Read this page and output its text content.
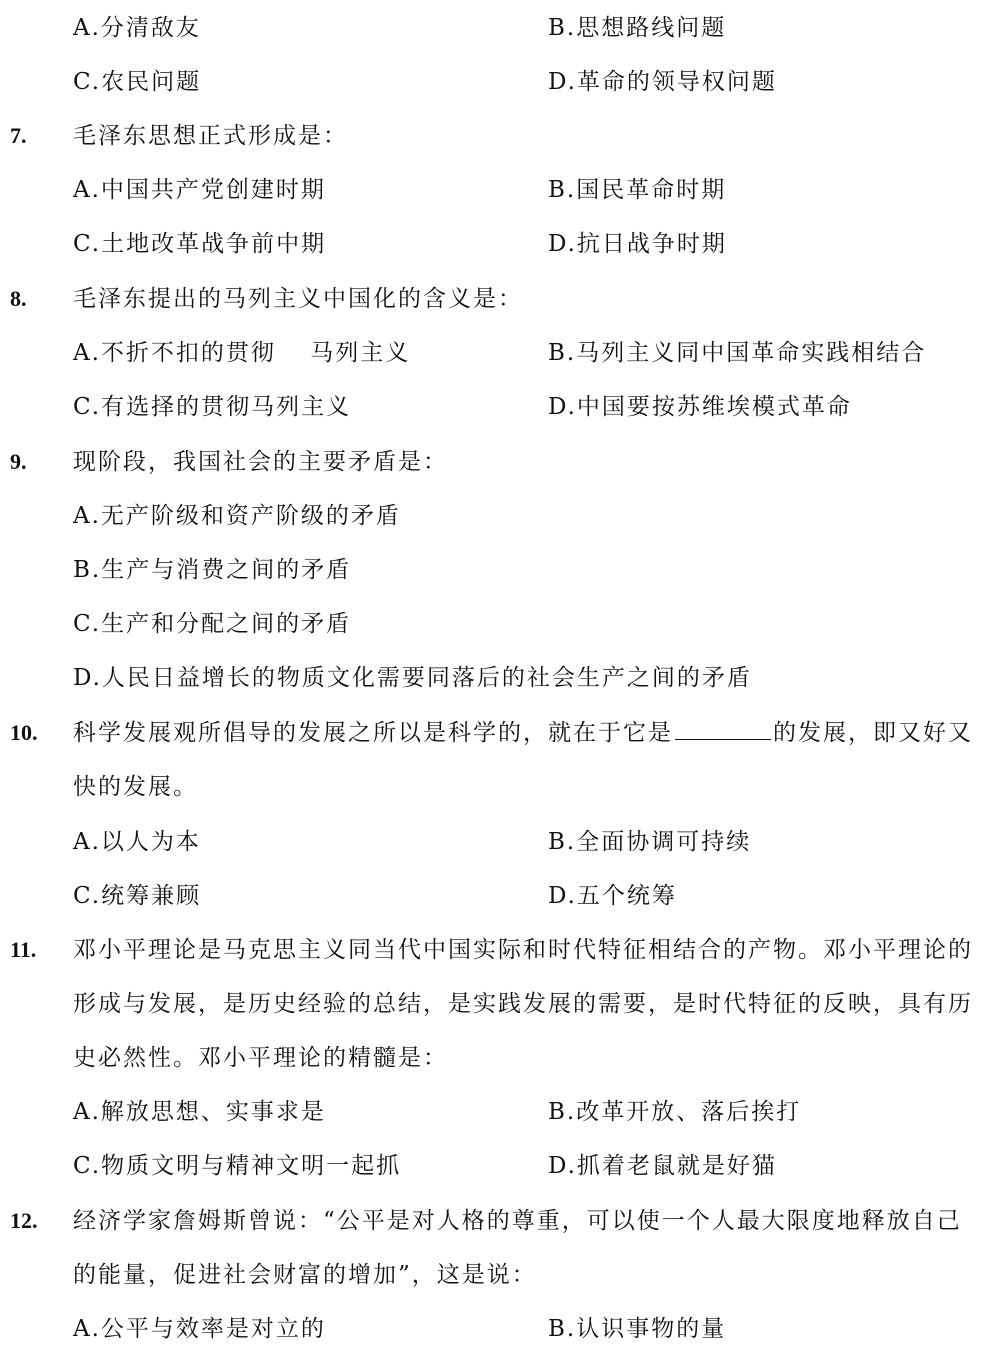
A.分清敌友	B.思想路线问题
C.农民问题	D.革命的领导权问题
7. 毛泽东思想正式形成是：
A.中国共产党创建时期	B.国民革命时期
C.土地改革战争前中期	D.抗日战争时期
8. 毛泽东提出的马列主义中国化的含义是：
A.不折不扣的贯彻　 马列主义	B.马列主义同中国革命实践相结合
C.有选择的贯彻马列主义	D.中国要按苏维埃模式革命
9. 现阶段，我国社会的主要矛盾是：
A.无产阶级和资产阶级的矛盾
B.生产与消费之间的矛盾
C.生产和分配之间的矛盾
D.人民日益增长的物质文化需要同落后的社会生产之间的矛盾
10. 科学发展观所倡导的发展之所以是科学的，就在于它是	的发展，即又好又
快的发展。
A.以人为本	B.全面协调可持续
C.统筹兼顾	D.五个统筹
11. 邓小平理论是马克思主义同当代中国实际和时代特征相结合的产物。邓小平理论的
形成与发展，是历史经验的总结，是实践发展的需要，是时代特征的反映，具有历
史必然性。邓小平理论的精髓是：
A.解放思想、实事求是	B.改革开放、落后挨打
C.物质文明与精神文明一起抓	D.抓着老鼠就是好猫
12. 经济学家詹姆斯曾说：“公平是对人格的尊重，可以使一个人最大限度地释放自己
的能量，促进社会财富的增加”，这是说：
A.公平与效率是对立的	B.认识事物的量
